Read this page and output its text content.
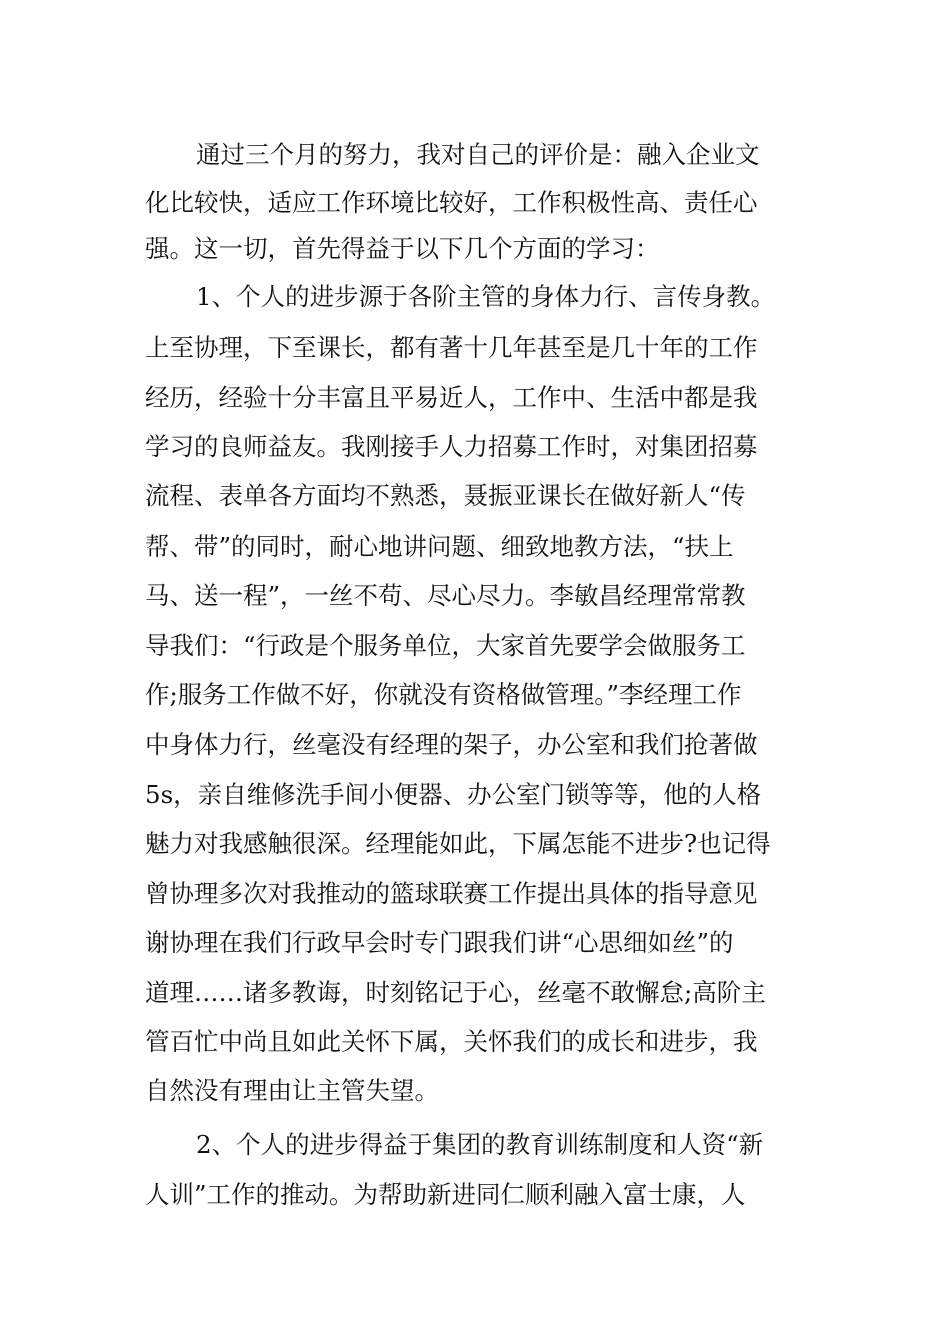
通过三个月的努力，我对自己的评价是：融入企业文

化比较快，适应工作环境比较好，工作积极性高、责任心

强。这一切，首先得益于以下几个方面的学习：

1、个人的进步源于各阶主管的身体力行、言传身教。

上至协理，下至课长，都有著十几年甚至是几十年的工作

经历，经验十分丰富且平易近人，工作中、生活中都是我

学习的良师益友。我刚接手人力招募工作时，对集团招募

流程、表单各方面均不熟悉，聂振亚课长在做好新人“传

帮、带”的同时，耐心地讲问题、细致地教方法，“扶上

马、送一程”，一丝不苟、尽心尽力。李敏昌经理常常教

导我们：“行政是个服务单位，大家首先要学会做服务工

作;服务工作做不好，你就没有资格做管理。”李经理工作

中身体力行，丝毫没有经理的架子，办公室和我们抢著做

5s，亲自维修洗手间小便器、办公室门锁等等，他的人格

魅力对我感触很深。经理能如此，下属怎能不进步?也记得

曾协理多次对我推动的篮球联赛工作提出具体的指导意见

谢协理在我们行政早会时专门跟我们讲“心思细如丝”的

道理……诸多教诲，时刻铭记于心，丝毫不敢懈怠;高阶主

管百忙中尚且如此关怀下属，关怀我们的成长和进步，我

自然没有理由让主管失望。

2、个人的进步得益于集团的教育训练制度和人资“新

人训”工作的推动。为帮助新进同仁顺利融入富士康，人
